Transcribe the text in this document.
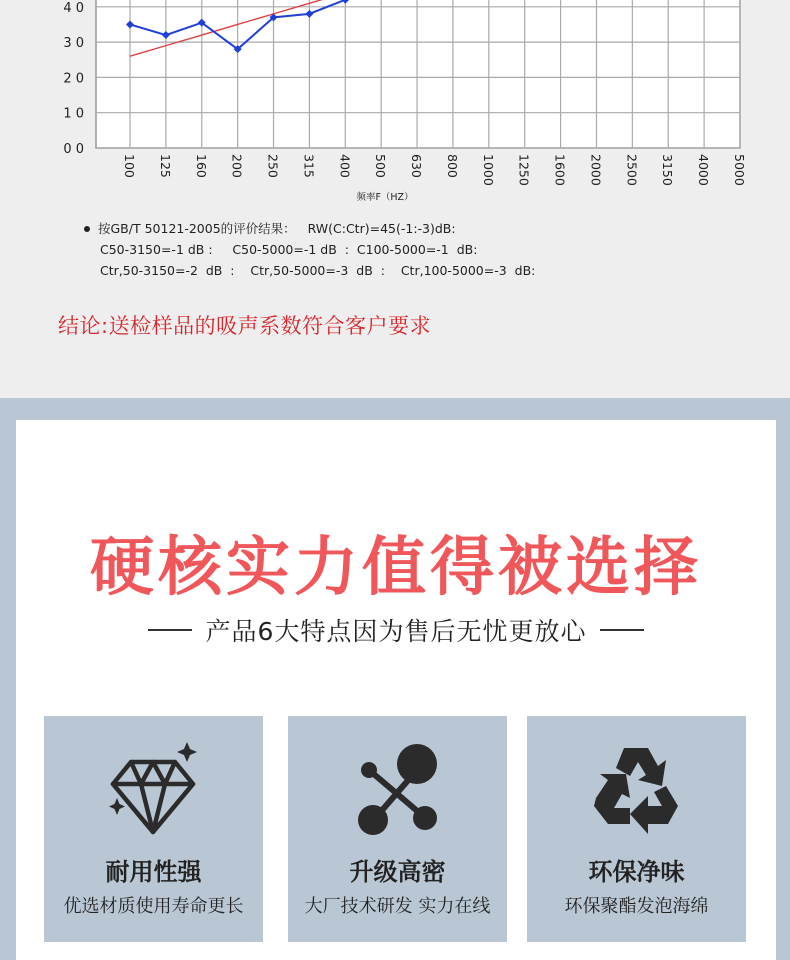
0 0
1 0
2 0
3 0
4 0
100 125 160 200 250 315 400 500 630 800 1000 1250 1600 2000 2500 3150 4000 5000
频率F（HZ）
按GB/T 50121-2005的评价结果： RW(C:Ctr)=45(-1:-3)dB:
C50-3150=-1 dB :     C50-5000=-1 dB  :  C100-5000=-1  dB:
Ctr,50-3150=-2  dB  :    Ctr,50-5000=-3  dB  :    Ctr,100-5000=-3  dB:
结论:送检样品的吸声系数符合客户要求
硬核实力值得被选择
产品6大特点因为售后无忧更放心
耐用性强
优选材质使用寿命更长
升级高密
大厂技术研发 实力在线
环保净味
环保聚酯发泡海绵
